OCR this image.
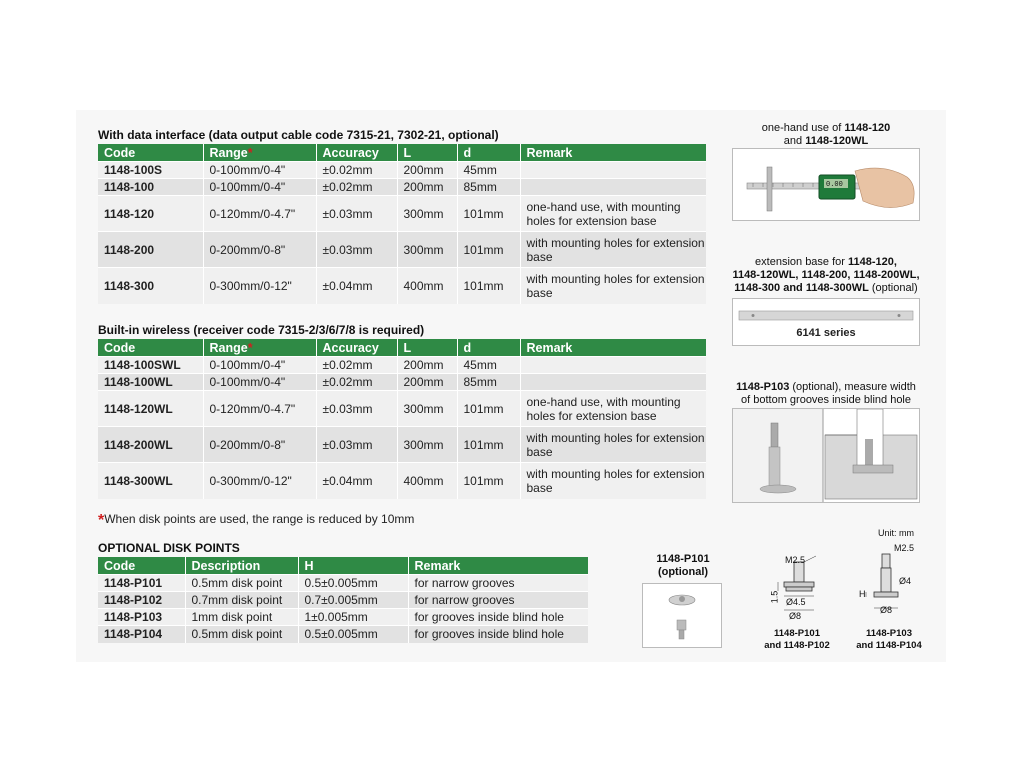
With data interface (data output cable code 7315-21, 7302-21, optional)
Code	Range*	Accuracy	L	d	Remark
1148-100S	0-100mm/0-4"	±0.02mm	200mm	45mm	
1148-100	0-100mm/0-4"	±0.02mm	200mm	85mm	
1148-120	0-120mm/0-4.7"	±0.03mm	300mm	101mm	one-hand use, with mounting holes for extension base
1148-200	0-200mm/0-8"	±0.03mm	300mm	101mm	with mounting holes for extension base
1148-300	0-300mm/0-12"	±0.04mm	400mm	101mm	with mounting holes for extension base
Built-in wireless (receiver code 7315-2/3/6/7/8 is required)
Code	Range*	Accuracy	L	d	Remark
1148-100SWL	0-100mm/0-4"	±0.02mm	200mm	45mm	
1148-100WL	0-100mm/0-4"	±0.02mm	200mm	85mm	
1148-120WL	0-120mm/0-4.7"	±0.03mm	300mm	101mm	one-hand use, with mounting holes for extension base
1148-200WL	0-200mm/0-8"	±0.03mm	300mm	101mm	with mounting holes for extension base
1148-300WL	0-300mm/0-12"	±0.04mm	400mm	101mm	with mounting holes for extension base
*When disk points are used, the range is reduced by 10mm
OPTIONAL DISK POINTS
Code	Description	H	Remark
1148-P101	0.5mm disk point	0.5±0.005mm	for narrow grooves
1148-P102	0.7mm disk point	0.7±0.005mm	for narrow grooves
1148-P103	1mm disk point	1±0.005mm	for grooves inside blind hole
1148-P104	0.5mm disk point	0.5±0.005mm	for grooves inside blind hole
one-hand use of 1148-120
and 1148-120WL
0.00
extension base for 1148-120,
1148-120WL, 1148-200, 1148-200WL,
1148-300 and 1148-300WL (optional)
6141 series
1148-P103 (optional), measure width
of bottom grooves inside blind hole
1148-P101
(optional)
Unit: mm
M2.5
1.5 Ø4.5
Ø8
M2.5
Ø4
H
Ø8
1148-P101
and 1148-P102
1148-P103
and 1148-P104
